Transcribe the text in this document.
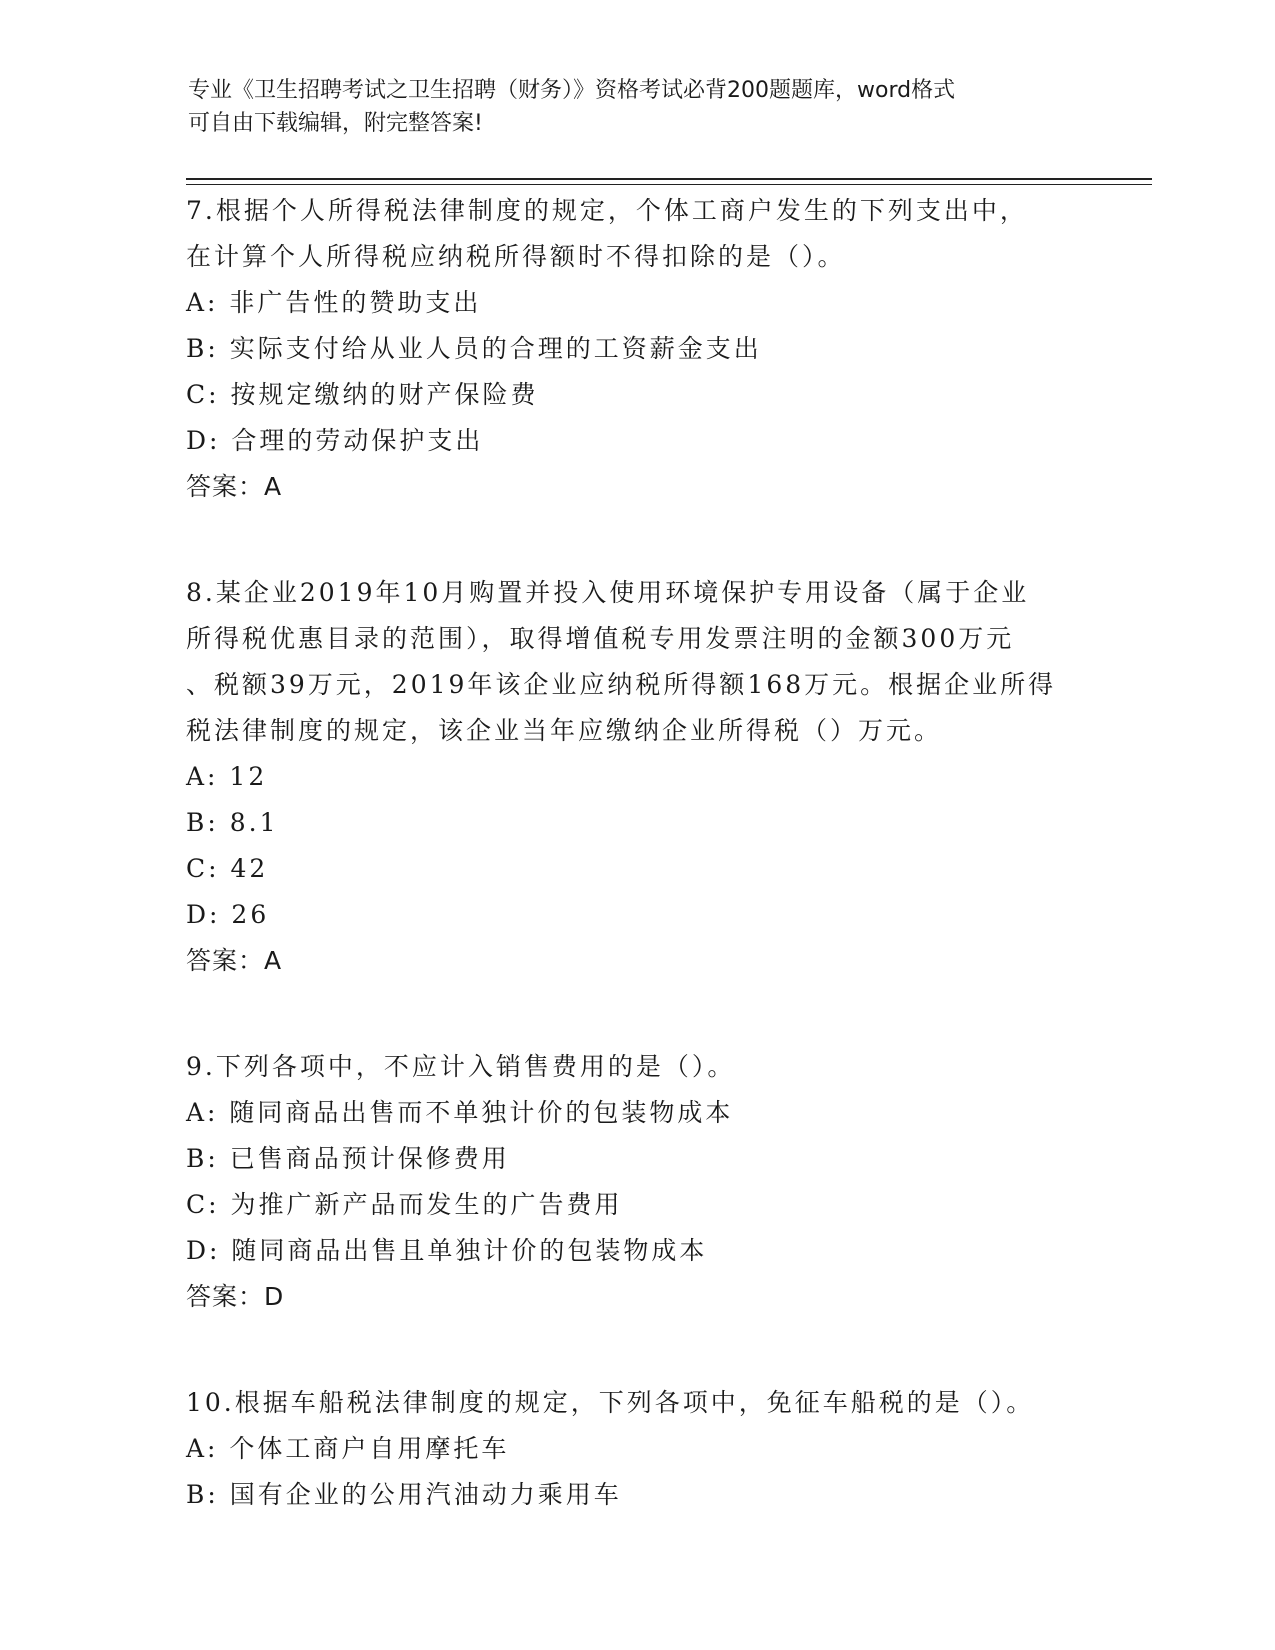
专业《卫生招聘考试之卫生招聘（财务）》资格考试必背200题题库，word格式
可自由下载编辑，附完整答案!

7.根据个人所得税法律制度的规定，个体工商户发生的下列支出中，

在计算个人所得税应纳税所得额时不得扣除的是（）。

A: 非广告性的赞助支出

B: 实际支付给从业人员的合理的工资薪金支出

C: 按规定缴纳的财产保险费

D: 合理的劳动保护支出

答案：A

8.某企业2019年10月购置并投入使用环境保护专用设备（属于企业

所得税优惠目录的范围），取得增值税专用发票注明的金额300万元

、税额39万元，2019年该企业应纳税所得额168万元。根据企业所得

税法律制度的规定，该企业当年应缴纳企业所得税（）万元。

A: 12

B: 8.1

C: 42

D: 26

答案：A

9.下列各项中，不应计入销售费用的是（）。

A: 随同商品出售而不单独计价的包装物成本

B: 已售商品预计保修费用

C: 为推广新产品而发生的广告费用

D: 随同商品出售且单独计价的包装物成本

答案：D

10.根据车船税法律制度的规定，下列各项中，免征车船税的是（）。

A: 个体工商户自用摩托车

B: 国有企业的公用汽油动力乘用车
